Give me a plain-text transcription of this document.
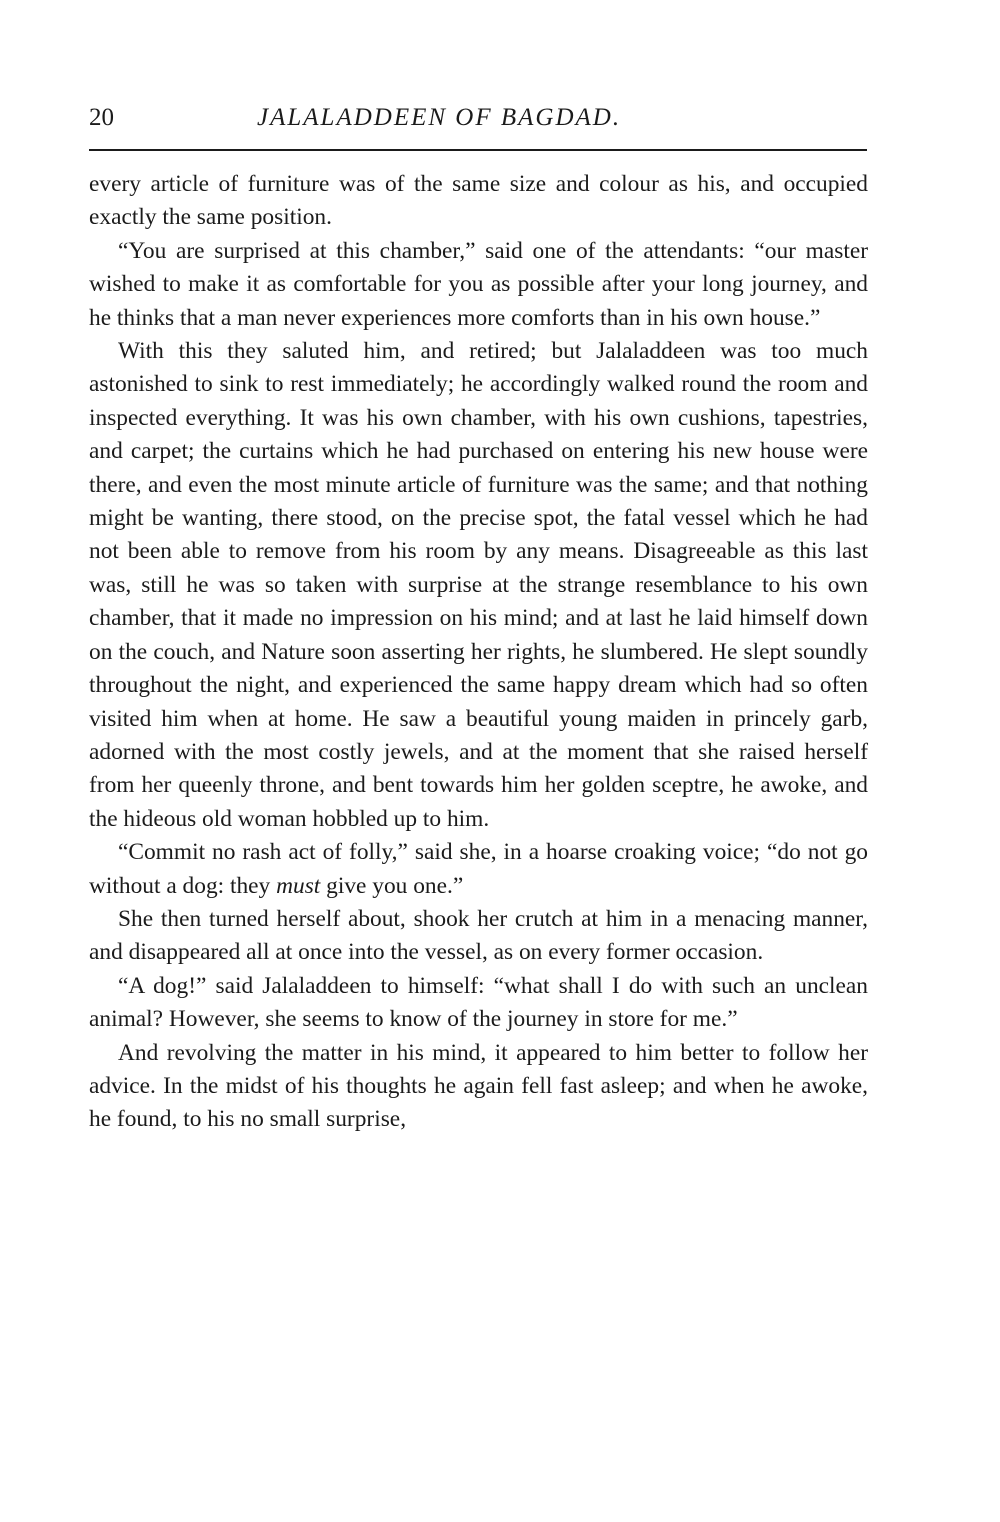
20	JALALADDEEN OF BAGDAD.

every article of furniture was of the same size and colour as his, and occupied exactly the same position.

“You are surprised at this chamber,” said one of the attendants: “our master wished to make it as comfortable for you as possible after your long journey, and he thinks that a man never experiences more comforts than in his own house.”

With this they saluted him, and retired; but Jalaladdeen was too much astonished to sink to rest immediately; he accordingly walked round the room and inspected everything. It was his own chamber, with his own cushions, tapestries, and carpet; the curtains which he had purchased on entering his new house were there, and even the most minute article of furniture was the same; and that nothing might be wanting, there stood, on the precise spot, the fatal vessel which he had not been able to remove from his room by any means. Disagreeable as this last was, still he was so taken with surprise at the strange resemblance to his own chamber, that it made no impression on his mind; and at last he laid himself down on the couch, and Nature soon asserting her rights, he slumbered. He slept soundly throughout the night, and experienced the same happy dream which had so often visited him when at home. He saw a beautiful young maiden in princely garb, adorned with the most costly jewels, and at the moment that she raised herself from her queenly throne, and bent towards him her golden sceptre, he awoke, and the hideous old woman hobbled up to him.

“Commit no rash act of folly,” said she, in a hoarse croaking voice; “do not go without a dog: they must give you one.”

She then turned herself about, shook her crutch at him in a menacing manner, and disappeared all at once into the vessel, as on every former occasion.

“A dog!” said Jalaladdeen to himself: “what shall I do with such an unclean animal? However, she seems to know of the journey in store for me.”

And revolving the matter in his mind, it appeared to him better to follow her advice. In the midst of his thoughts he again fell fast asleep; and when he awoke, he found, to his no small surprise,
